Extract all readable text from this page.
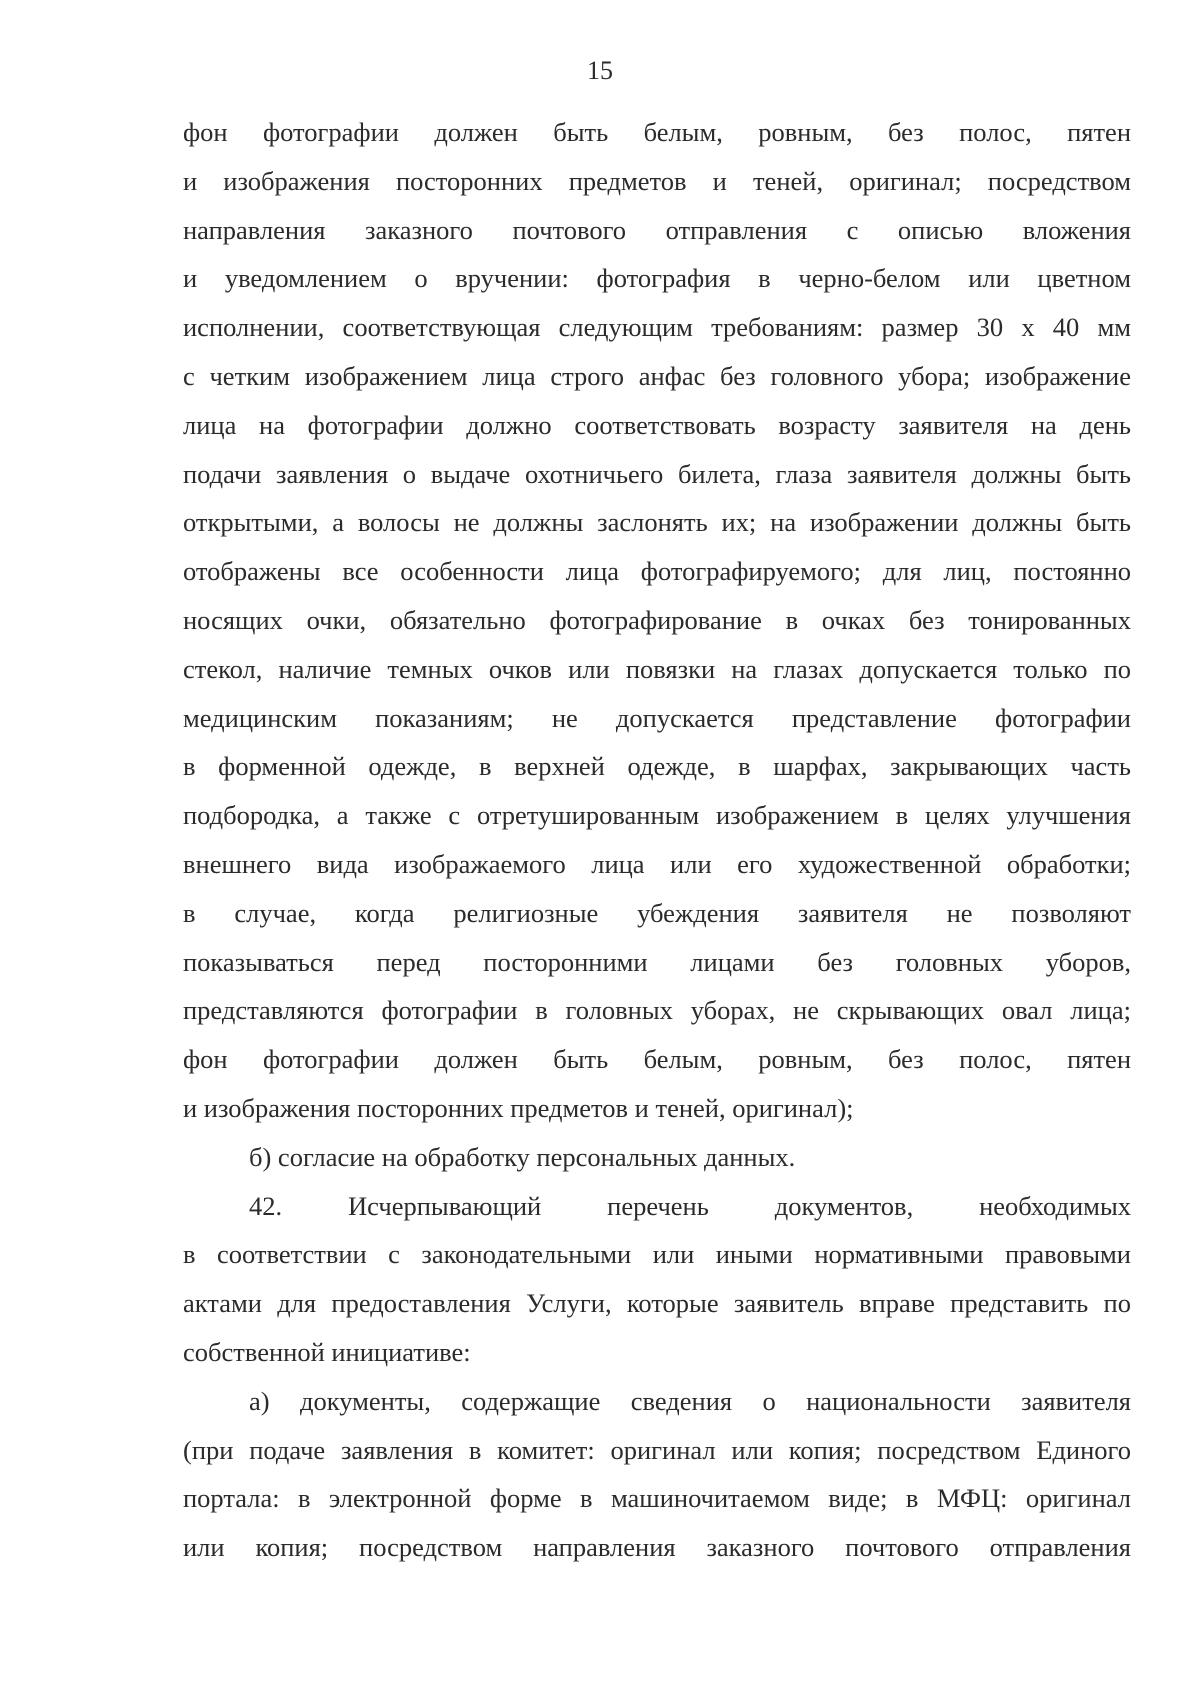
15
фон фотографии должен быть белым, ровным, без полос, пятен
и изображения посторонних предметов и теней, оригинал; посредством
направления заказного почтового отправления с описью вложения
и уведомлением о вручении: фотография в черно-белом или цветном
исполнении, соответствующая следующим требованиям: размер 30 х 40 мм
с четким изображением лица строго анфас без головного убора; изображение
лица на фотографии должно соответствовать возрасту заявителя на день
подачи заявления о выдаче охотничьего билета, глаза заявителя должны быть
открытыми, а волосы не должны заслонять их; на изображении должны быть
отображены все особенности лица фотографируемого; для лиц, постоянно
носящих очки, обязательно фотографирование в очках без тонированных
стекол, наличие темных очков или повязки на глазах допускается только по
медицинским показаниям; не допускается представление фотографии
в форменной одежде, в верхней одежде, в шарфах, закрывающих часть
подбородка, а также с отретушированным изображением в целях улучшения
внешнего вида изображаемого лица или его художественной обработки;
в случае, когда религиозные убеждения заявителя не позволяют
показываться перед посторонними лицами без головных уборов,
представляются фотографии в головных уборах, не скрывающих овал лица;
фон фотографии должен быть белым, ровным, без полос, пятен
и изображения посторонних предметов и теней, оригинал);
б) согласие на обработку персональных данных.
42. Исчерпывающий перечень документов, необходимых
в соответствии с законодательными или иными нормативными правовыми
актами для предоставления Услуги, которые заявитель вправе представить по
собственной инициативе:
а) документы, содержащие сведения о национальности заявителя
(при подаче заявления в комитет: оригинал или копия; посредством Единого
портала: в электронной форме в машиночитаемом виде; в МФЦ: оригинал
или копия; посредством направления заказного почтового отправления
